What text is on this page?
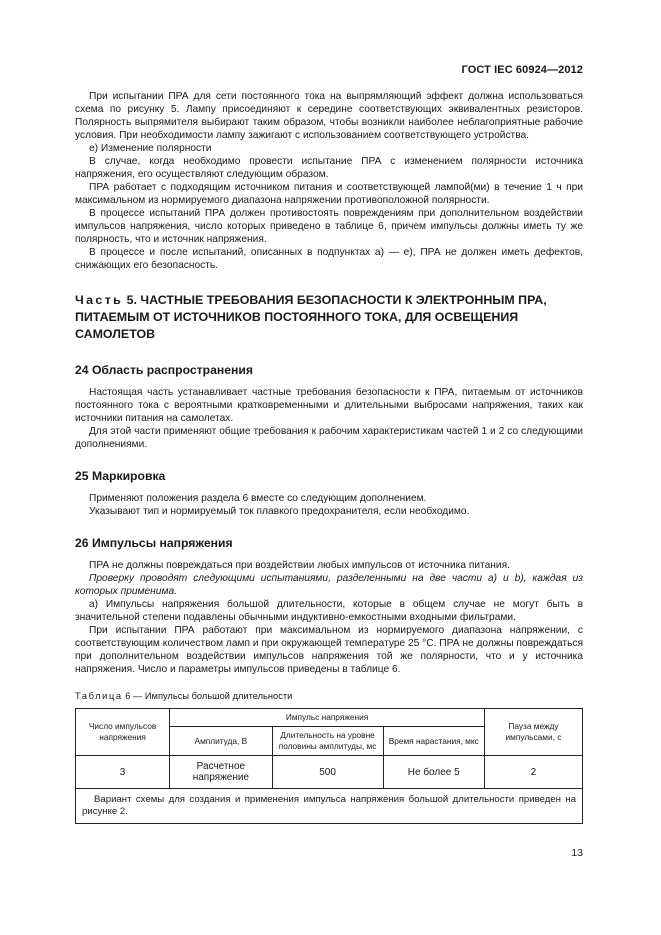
ГОСТ IEC 60924—2012

При испытании ПРА для сети постоянного тока на выпрямляющий эффект должна использоваться схема по рисунку 5. Лампу присоединяют к середине соответствующих эквивалентных резисторов. Полярность выпрямителя выбирают таким образом, чтобы возникли наиболее неблагоприятные рабочие условия. При необходимости лампу зажигают с использованием соответствующего устройства.

е) Изменение полярности

В случае, когда необходимо провести испытание ПРА с изменением полярности источника напряжения, его осуществляют следующим образом.

ПРА работает с подходящим источником питания и соответствующей лампой(ми) в течение 1 ч при максимальном из нормируемого диапазона напряжении противоположной полярности.

В процессе испытаний ПРА должен противостоять повреждениям при дополнительном воздействии импульсов напряжения, число которых приведено в таблице 6, причем импульсы должны иметь ту же полярность, что и источник напряжения.

В процессе и после испытаний, описанных в подпунктах а) — е), ПРА не должен иметь дефектов, снижающих его безопасность.

Часть 5. ЧАСТНЫЕ ТРЕБОВАНИЯ БЕЗОПАСНОСТИ К ЭЛЕКТРОННЫМ ПРА, ПИТАЕМЫМ ОТ ИСТОЧНИКОВ ПОСТОЯННОГО ТОКА, ДЛЯ ОСВЕЩЕНИЯ САМОЛЕТОВ

24 Область распространения

Настоящая часть устанавливает частные требования безопасности к ПРА, питаемым от источников постоянного тока с вероятными кратковременными и длительными выбросами напряжения, таких как источники питания на самолетах.

Для этой части применяют общие требования к рабочим характеристикам частей 1 и 2 со следующими дополнениями.

25 Маркировка

Применяют положения раздела 6 вместе со следующим дополнением.

Указывают тип и нормируемый ток плавкого предохранителя, если необходимо.

26 Импульсы напряжения

ПРА не должны повреждаться при воздействии любых импульсов от источника питания.

Проверку проводят следующими испытаниями, разделенными на две части a) и b), каждая из которых применима.

а) Импульсы напряжения большой длительности, которые в общем случае не могут быть в значительной степени подавлены обычными индуктивно-емкостными входными фильтрами.

При испытании ПРА работают при максимальном из нормируемого диапазона напряжении, с соответствующим количеством ламп и при окружающей температуре 25 °С. ПРА не должны повреждаться при дополнительном воздействии импульсов напряжения той же полярности, что и у источника напряжения. Число и параметры импульсов приведены в таблице 6.

Таблица 6 — Импульсы большой длительности

Число импульсов напряжения	Импульс напряжения			Пауза между импульсами, с
	Амплитуда, В	Длительность на уровне половины амплитуды, мс	Время нарастания, мкс	
3	Расчетное напряжение	500	Не более 5	2

Вариант схемы для создания и применения импульса напряжения большой длительности приведен на рисунке 2.				
13
